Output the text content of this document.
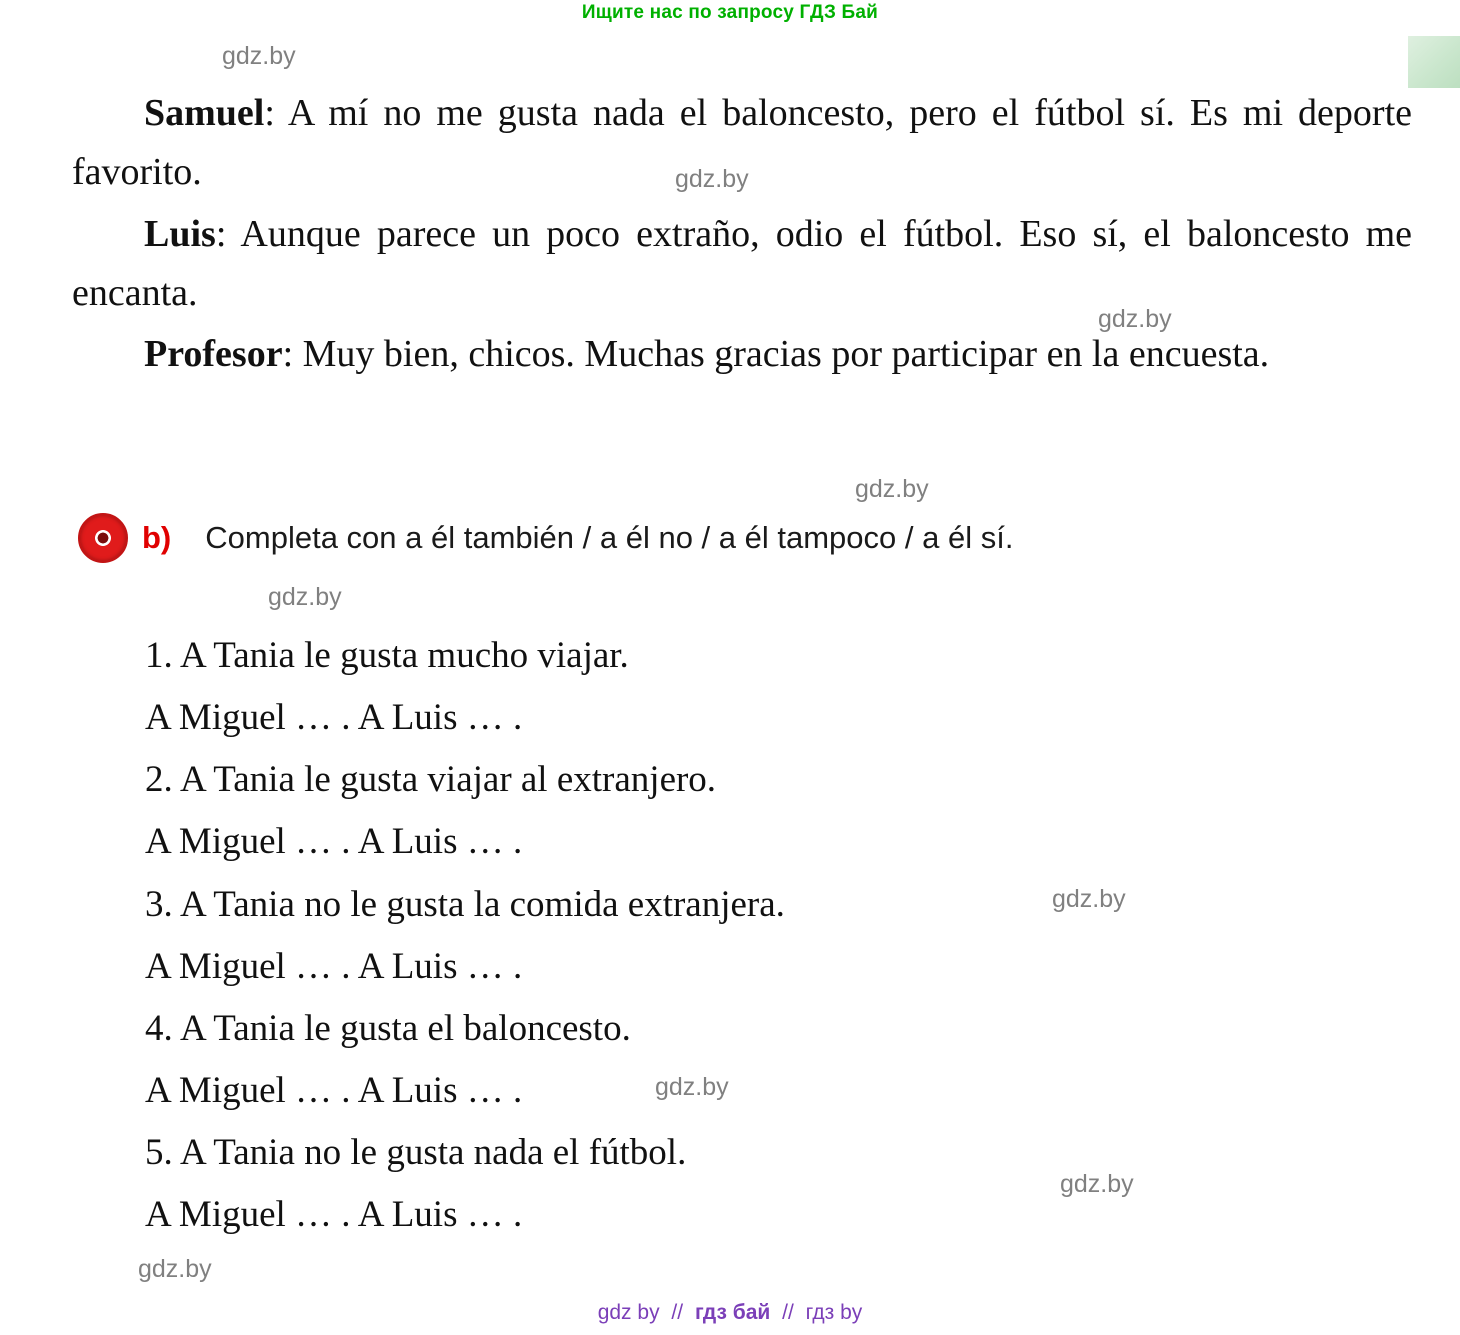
Ищите нас по запросу ГДЗ Бай

Samuel: A mí no me gusta nada el baloncesto, pero el fútbol sí. Es mi deporte favorito.

Luis: Aunque parece un poco extraño, odio el fútbol. Eso sí, el baloncesto me encanta.

Profesor: Muy bien, chicos. Muchas gracias por participar en la encuesta.

b) Completa con a él también / a él no / a él tampoco / a él sí.

1. A Tania le gusta mucho viajar.

A Miguel … . A Luis … .

2. A Tania le gusta viajar al extranjero.

A Miguel … . A Luis … .

3. A Tania no le gusta la comida extranjera.

A Miguel … . A Luis … .

4. A Tania le gusta el baloncesto.

A Miguel … . A Luis … .

5. A Tania no le gusta nada el fútbol.

A Miguel … . A Luis … .

gdz.by
gdz.by
gdz.by
gdz.by
gdz.by
gdz.by
gdz.by
gdz.by
gdz.by
gdz by // гдз бай // гдз by
